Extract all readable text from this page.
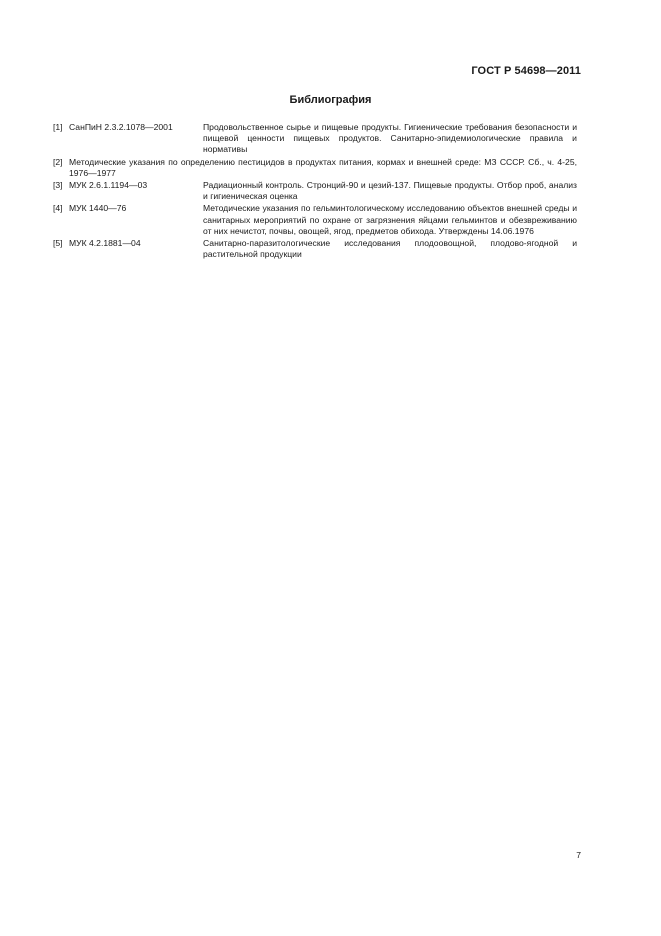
ГОСТ Р 54698—2011
Библиография
[1] СанПиН 2.3.2.1078—2001	Продовольственное сырье и пищевые продукты. Гигиенические требования безопасности и пищевой ценности пищевых продуктов. Санитарно-эпидемиологические правила и нормативы
[2] Методические указания по определению пестицидов в продуктах питания, кормах и внешней среде: МЗ СССР. Сб., ч. 4-25, 1976—1977
[3] МУК 2.6.1.1194—03	Радиационный контроль. Стронций-90 и цезий-137. Пищевые продукты. Отбор проб, анализ и гигиеническая оценка
[4] МУК 1440—76	Методические указания по гельминтологическому исследованию объектов внешней среды и санитарных мероприятий по охране от загрязнения яйцами гельминтов и обезвреживанию от них нечистот, почвы, овощей, ягод, предметов обихода. Утверждены 14.06.1976
[5] МУК 4.2.1881—04	Санитарно-паразитологические исследования плодоовощной, плодово-ягодной и растительной продукции
7
